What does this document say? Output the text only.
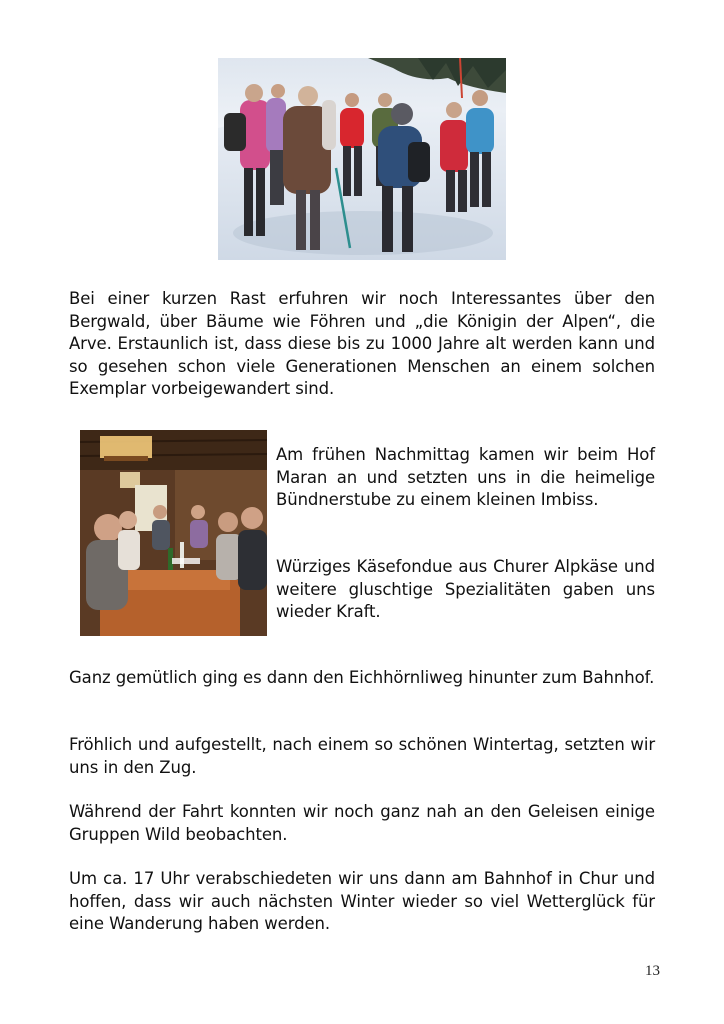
Bei einer kurzen Rast erfuhren wir noch Interessantes über den Bergwald, über Bäume wie Föhren und „die Königin der Alpen“, die Arve. Erstaunlich ist, dass diese bis zu 1000 Jahre alt werden kann und so gesehen schon viele Generationen Menschen an einem solchen Exemplar vorbeigewandert sind.

Am frühen Nachmittag kamen wir beim Hof Maran an und setzten uns in die heimelige Bündnerstube zu einem kleinen Imbiss.

Würziges Käsefondue aus Churer Alpkäse und weitere gluschtige Spezialitäten gaben uns wieder Kraft.

Ganz gemütlich ging es dann den Eichhörnliweg hinunter zum Bahnhof.

Fröhlich und aufgestellt, nach einem so schönen Wintertag, setzten wir uns in den Zug.

Während der Fahrt konnten wir noch ganz nah an den Geleisen einige Gruppen Wild beobachten.

Um ca. 17 Uhr verabschiedeten wir uns dann am Bahnhof in Chur und hoffen, dass wir auch nächsten Winter wieder so viel Wetterglück für eine Wanderung haben werden.

13
